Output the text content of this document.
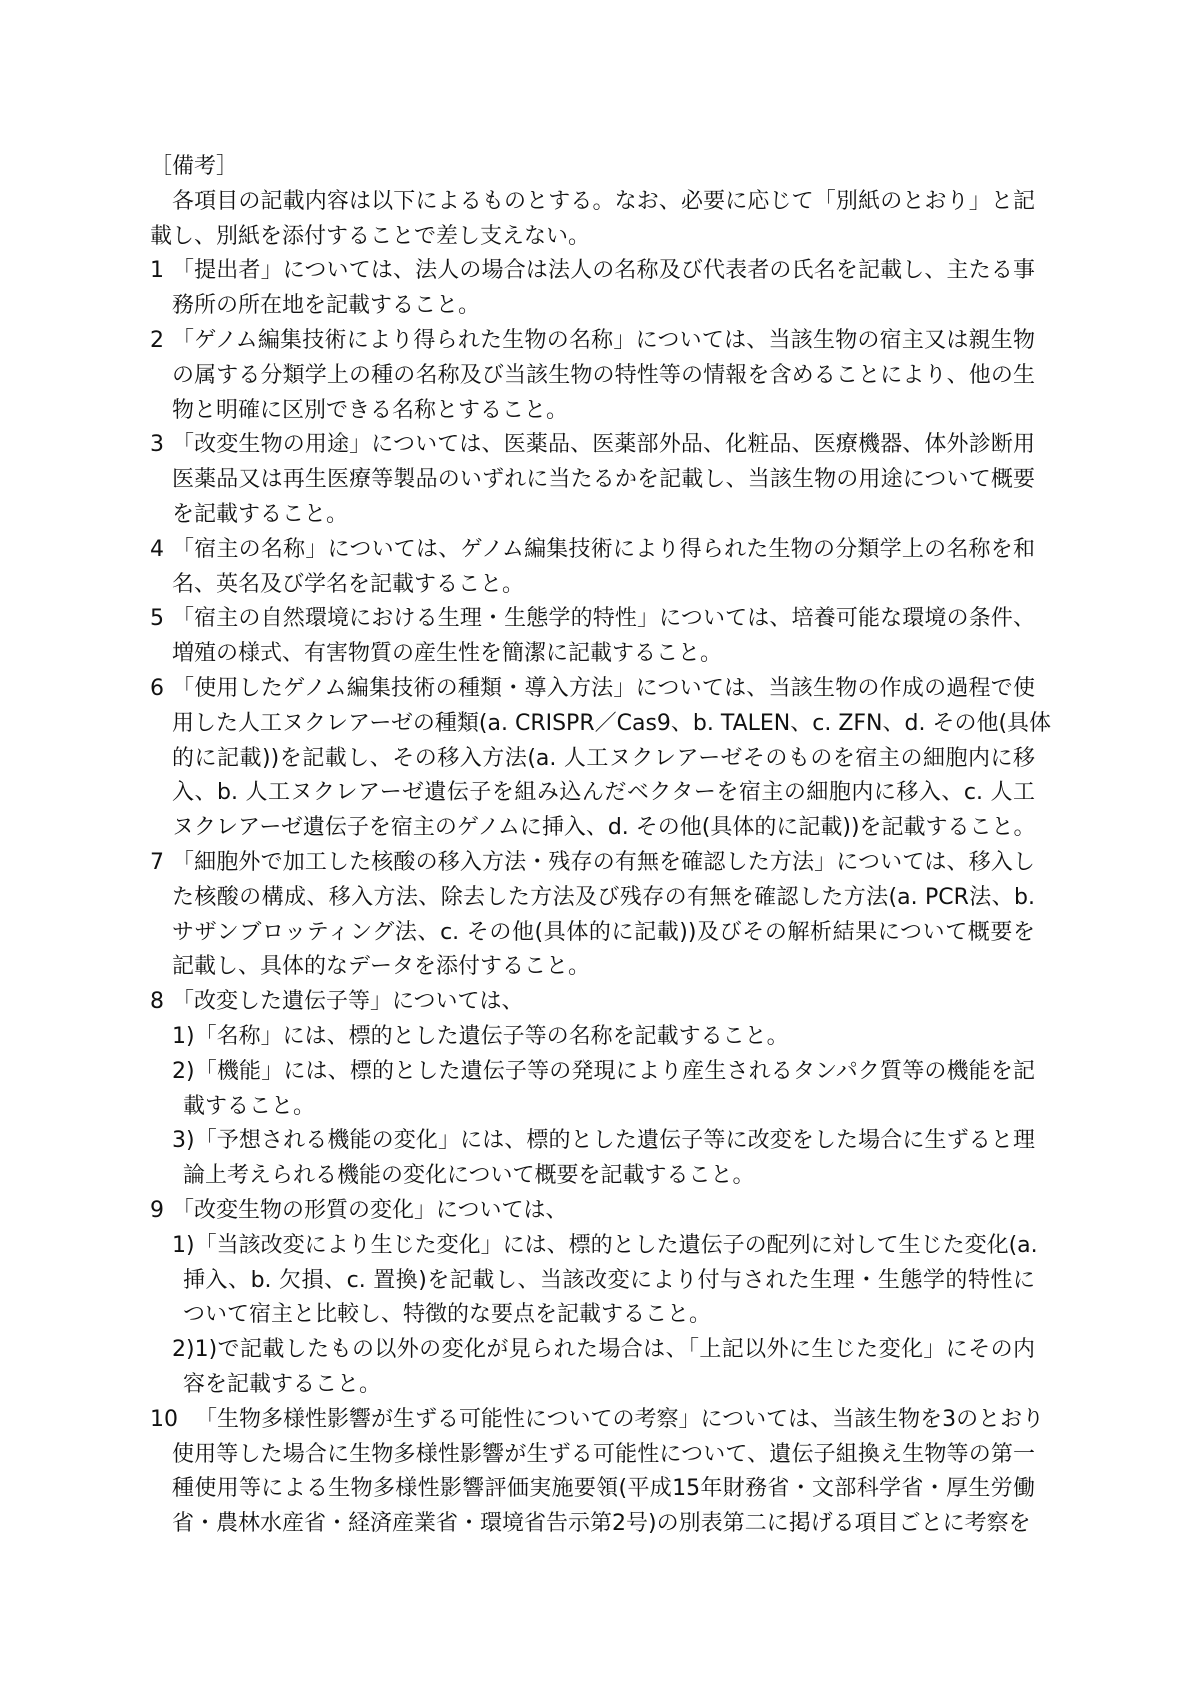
［備考］
各項目の記載内容は以下によるものとする。なお、必要に応じて「別紙のとおり」と記
載し、別紙を添付することで差し支えない。
1 「提出者」については、法人の場合は法人の名称及び代表者の氏名を記載し、主たる事
務所の所在地を記載すること。
2 「ゲノム編集技術により得られた生物の名称」については、当該生物の宿主又は親生物
の属する分類学上の種の名称及び当該生物の特性等の情報を含めることにより、他の生
物と明確に区別できる名称とすること。
3 「改変生物の用途」については、医薬品、医薬部外品、化粧品、医療機器、体外診断用
医薬品又は再生医療等製品のいずれに当たるかを記載し、当該生物の用途について概要
を記載すること。
4 「宿主の名称」については、ゲノム編集技術により得られた生物の分類学上の名称を和
名、英名及び学名を記載すること。
5 「宿主の自然環境における生理・生態学的特性」については、培養可能な環境の条件、
増殖の様式、有害物質の産生性を簡潔に記載すること。
6 「使用したゲノム編集技術の種類・導入方法」については、当該生物の作成の過程で使
用した人工ヌクレアーゼの種類(a. CRISPR／Cas9、b. TALEN、c. ZFN、d. その他(具体
的に記載))を記載し、その移入方法(a. 人工ヌクレアーゼそのものを宿主の細胞内に移
入、b. 人工ヌクレアーゼ遺伝子を組み込んだベクターを宿主の細胞内に移入、c. 人工
ヌクレアーゼ遺伝子を宿主のゲノムに挿入、d. その他(具体的に記載))を記載すること。
7 「細胞外で加工した核酸の移入方法・残存の有無を確認した方法」については、移入し
た核酸の構成、移入方法、除去した方法及び残存の有無を確認した方法(a. PCR法、b.
サザンブロッティング法、c. その他(具体的に記載))及びその解析結果について概要を
記載し、具体的なデータを添付すること。
8 「改変した遺伝子等」については、
1)「名称」には、標的とした遺伝子等の名称を記載すること。
2)「機能」には、標的とした遺伝子等の発現により産生されるタンパク質等の機能を記
載すること。
3)「予想される機能の変化」には、標的とした遺伝子等に改変をした場合に生ずると理
論上考えられる機能の変化について概要を記載すること。
9 「改変生物の形質の変化」については、
1)「当該改変により生じた変化」には、標的とした遺伝子の配列に対して生じた変化(a.
挿入、b. 欠損、c. 置換)を記載し、当該改変により付与された生理・生態学的特性に
ついて宿主と比較し、特徴的な要点を記載すること。
2)1)で記載したもの以外の変化が見られた場合は、「上記以外に生じた変化」にその内
容を記載すること。
10 「生物多様性影響が生ずる可能性についての考察」については、当該生物を3のとおり
使用等した場合に生物多様性影響が生ずる可能性について、遺伝子組換え生物等の第一
種使用等による生物多様性影響評価実施要領(平成15年財務省・文部科学省・厚生労働
省・農林水産省・経済産業省・環境省告示第2号)の別表第二に掲げる項目ごとに考察を
